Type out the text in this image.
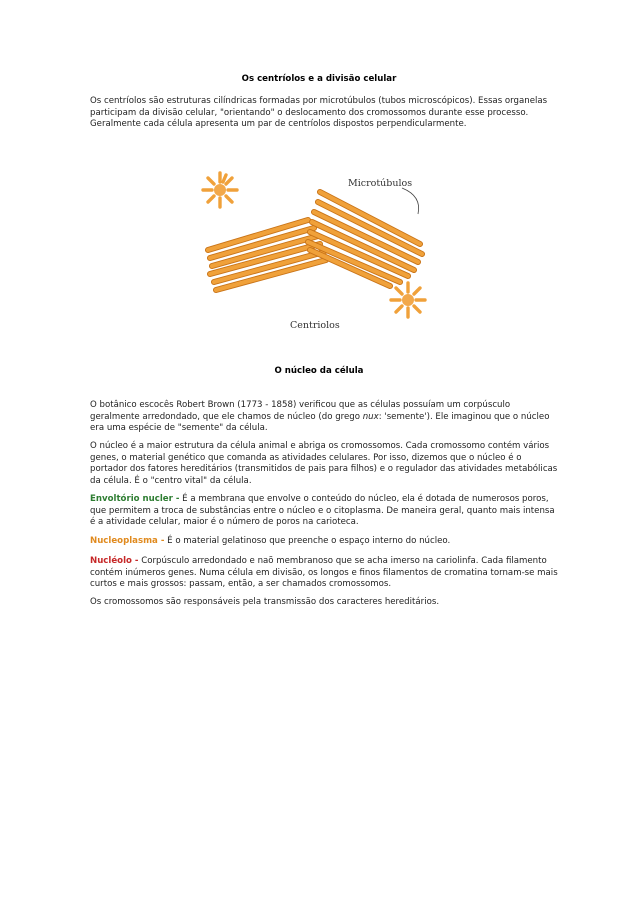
Os centríolos e a divisão celular
Os centríolos são estruturas cilíndricas formadas por microtúbulos (tubos microscópicos). Essas organelas participam da divisão celular, "orientando" o deslocamento dos cromossomos durante esse processo. Geralmente cada célula apresenta um par de centríolos dispostos perpendicularmente.
Microtúbulos
Centriolos
O núcleo da célula
O botânico escocês Robert Brown (1773 - 1858) verificou que as células possuíam um corpúsculo geralmente arredondado, que ele chamos de núcleo (do grego nux: 'semente'). Ele imaginou que o núcleo era uma espécie de "semente" da célula.
O núcleo é a maior estrutura da célula animal e abriga os cromossomos. Cada cromossomo contém vários genes, o material genético que comanda as atividades celulares. Por isso, dizemos que o núcleo é o portador dos fatores hereditários (transmitidos de pais para filhos) e o regulador das atividades metabólicas da célula. É o "centro vital" da célula.
Envoltório nucler - É a membrana que envolve o conteúdo do núcleo, ela é dotada de numerosos poros, que permitem a troca de substâncias entre o núcleo e o citoplasma. De maneira geral, quanto mais intensa é a atividade celular, maior é o número de poros na carioteca.
Nucleoplasma - É o material gelatinoso que preenche o espaço interno do núcleo.
Nucléolo - Corpúsculo arredondado e naõ membranoso que se acha imerso na cariolinfa. Cada filamento contém inúmeros genes. Numa célula em divisão, os longos e finos filamentos de cromatina tornam-se mais curtos e mais grossos: passam, então, a ser chamados cromossomos.
Os cromossomos são responsáveis pela transmissão dos caracteres hereditários.
